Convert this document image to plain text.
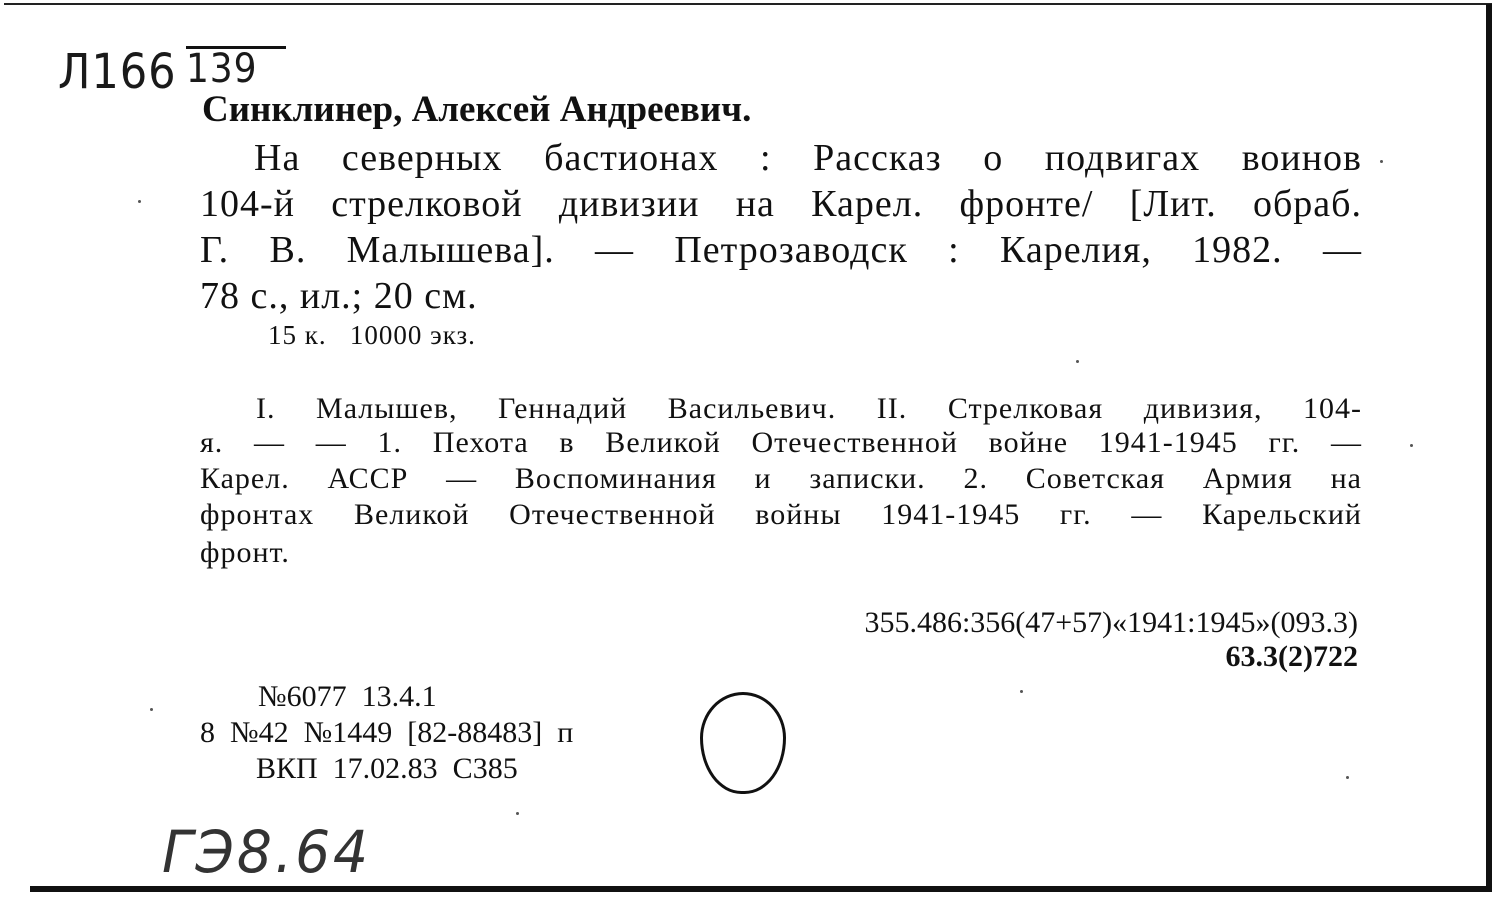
Л166 139
Синклинер, Алексей Андреевич.
На северных бастионах : Рассказ о подвигах воинов
104-й стрелковой дивизии на Карел. фронте/ [Лит. обраб.
Г. В. Малышева]. — Петрозаводск : Карелия, 1982. —
78 с., ил.; 20 см.
15 к.   10000 экз.
I. Малышев, Геннадий Васильевич. II. Стрелковая дивизия, 104-
я. — — 1. Пехота в Великой Отечественной войне 1941-1945 гг. —
Карел. АССР — Воспоминания и записки. 2. Советская Армия на
фронтах Великой Отечественной войны 1941-1945 гг. — Карельский
фронт.
355.486:356(47+57)«1941:1945»(093.3)
63.3(2)722
№6077  13.4.1
8  №42  №1449  [82-88483]  п
ВКП  17.02.83  С385
ГЭ8.64
